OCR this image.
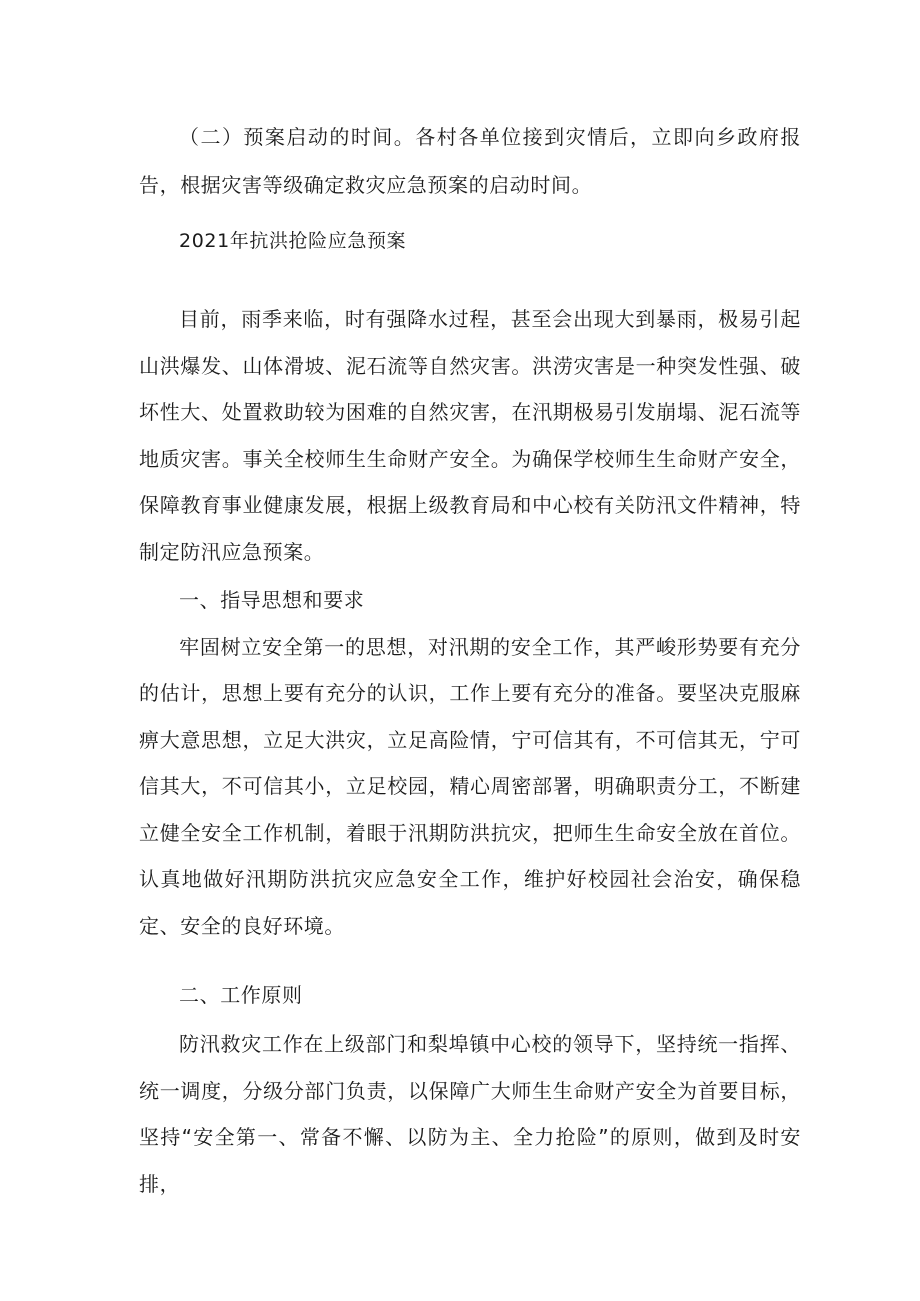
（二）预案启动的时间。各村各单位接到灾情后，立即向乡政府报告，根据灾害等级确定救灾应急预案的启动时间。

2021年抗洪抢险应急预案

目前，雨季来临，时有强降水过程，甚至会出现大到暴雨，极易引起山洪爆发、山体滑坡、泥石流等自然灾害。洪涝灾害是一种突发性强、破坏性大、处置救助较为困难的自然灾害，在汛期极易引发崩塌、泥石流等地质灾害。事关全校师生生命财产安全。为确保学校师生生命财产安全，保障教育事业健康发展，根据上级教育局和中心校有关防汛文件精神，特制定防汛应急预案。

一、指导思想和要求
牢固树立安全第一的思想，对汛期的安全工作，其严峻形势要有充分的估计，思想上要有充分的认识，工作上要有充分的准备。要坚决克服麻痹大意思想，立足大洪灾，立足高险情，宁可信其有，不可信其无，宁可信其大，不可信其小，立足校园，精心周密部署，明确职责分工，不断建立健全安全工作机制，着眼于汛期防洪抗灾，把师生生命安全放在首位。认真地做好汛期防洪抗灾应急安全工作，维护好校园社会治安，确保稳定、安全的良好环境。

二、工作原则

防汛救灾工作在上级部门和梨埠镇中心校的领导下，坚持统一指挥、统一调度，分级分部门负责，以保障广大师生生命财产安全为首要目标，坚持“安全第一、常备不懈、以防为主、全力抢险”的原则，做到及时安排，
